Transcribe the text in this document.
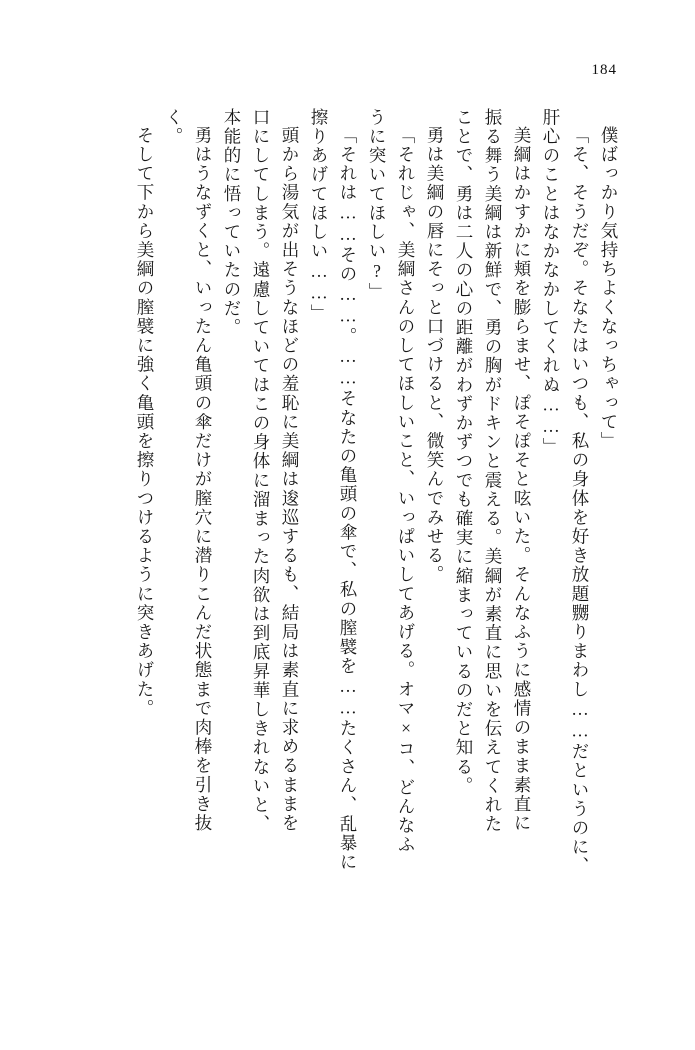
184
僕ばっかり気持ちよくなっちゃって」
「そ、そうだぞ。そなたはいつも、私の身体を好き放題嬲りまわし……だというのに、
肝心のことはなかなかしてくれぬ……」
美綱はかすかに頬を膨らませ、ぽそぽそと呟いた。そんなふうに感情のまま素直に
振る舞う美綱は新鮮で、勇の胸がドキンと震える。美綱が素直に思いを伝えてくれた
ことで、勇は二人の心の距離がわずかずつでも確実に縮まっているのだと知る。
勇は美綱の唇にそっと口づけると、微笑んでみせる。
「それじゃ、美綱さんのしてほしいこと、いっぱいしてあげる。オマ×コ、どんなふ
うに突いてほしい?」
「それは……その……。……そなたの亀頭の傘で、私の膣襞を……たくさん、乱暴に
擦りあげてほしい……」
頭から湯気が出そうなほどの羞恥に美綱は逡巡するも、結局は素直に求めるままを
口にしてしまう。遠慮していてはこの身体に溜まった肉欲は到底昇華しきれないと、
本能的に悟っていたのだ。
勇はうなずくと、いったん亀頭の傘だけが膣穴に潜りこんだ状態まで肉棒を引き抜
く。
そして下から美綱の膣襞に強く亀頭を擦りつけるように突きあげた。
